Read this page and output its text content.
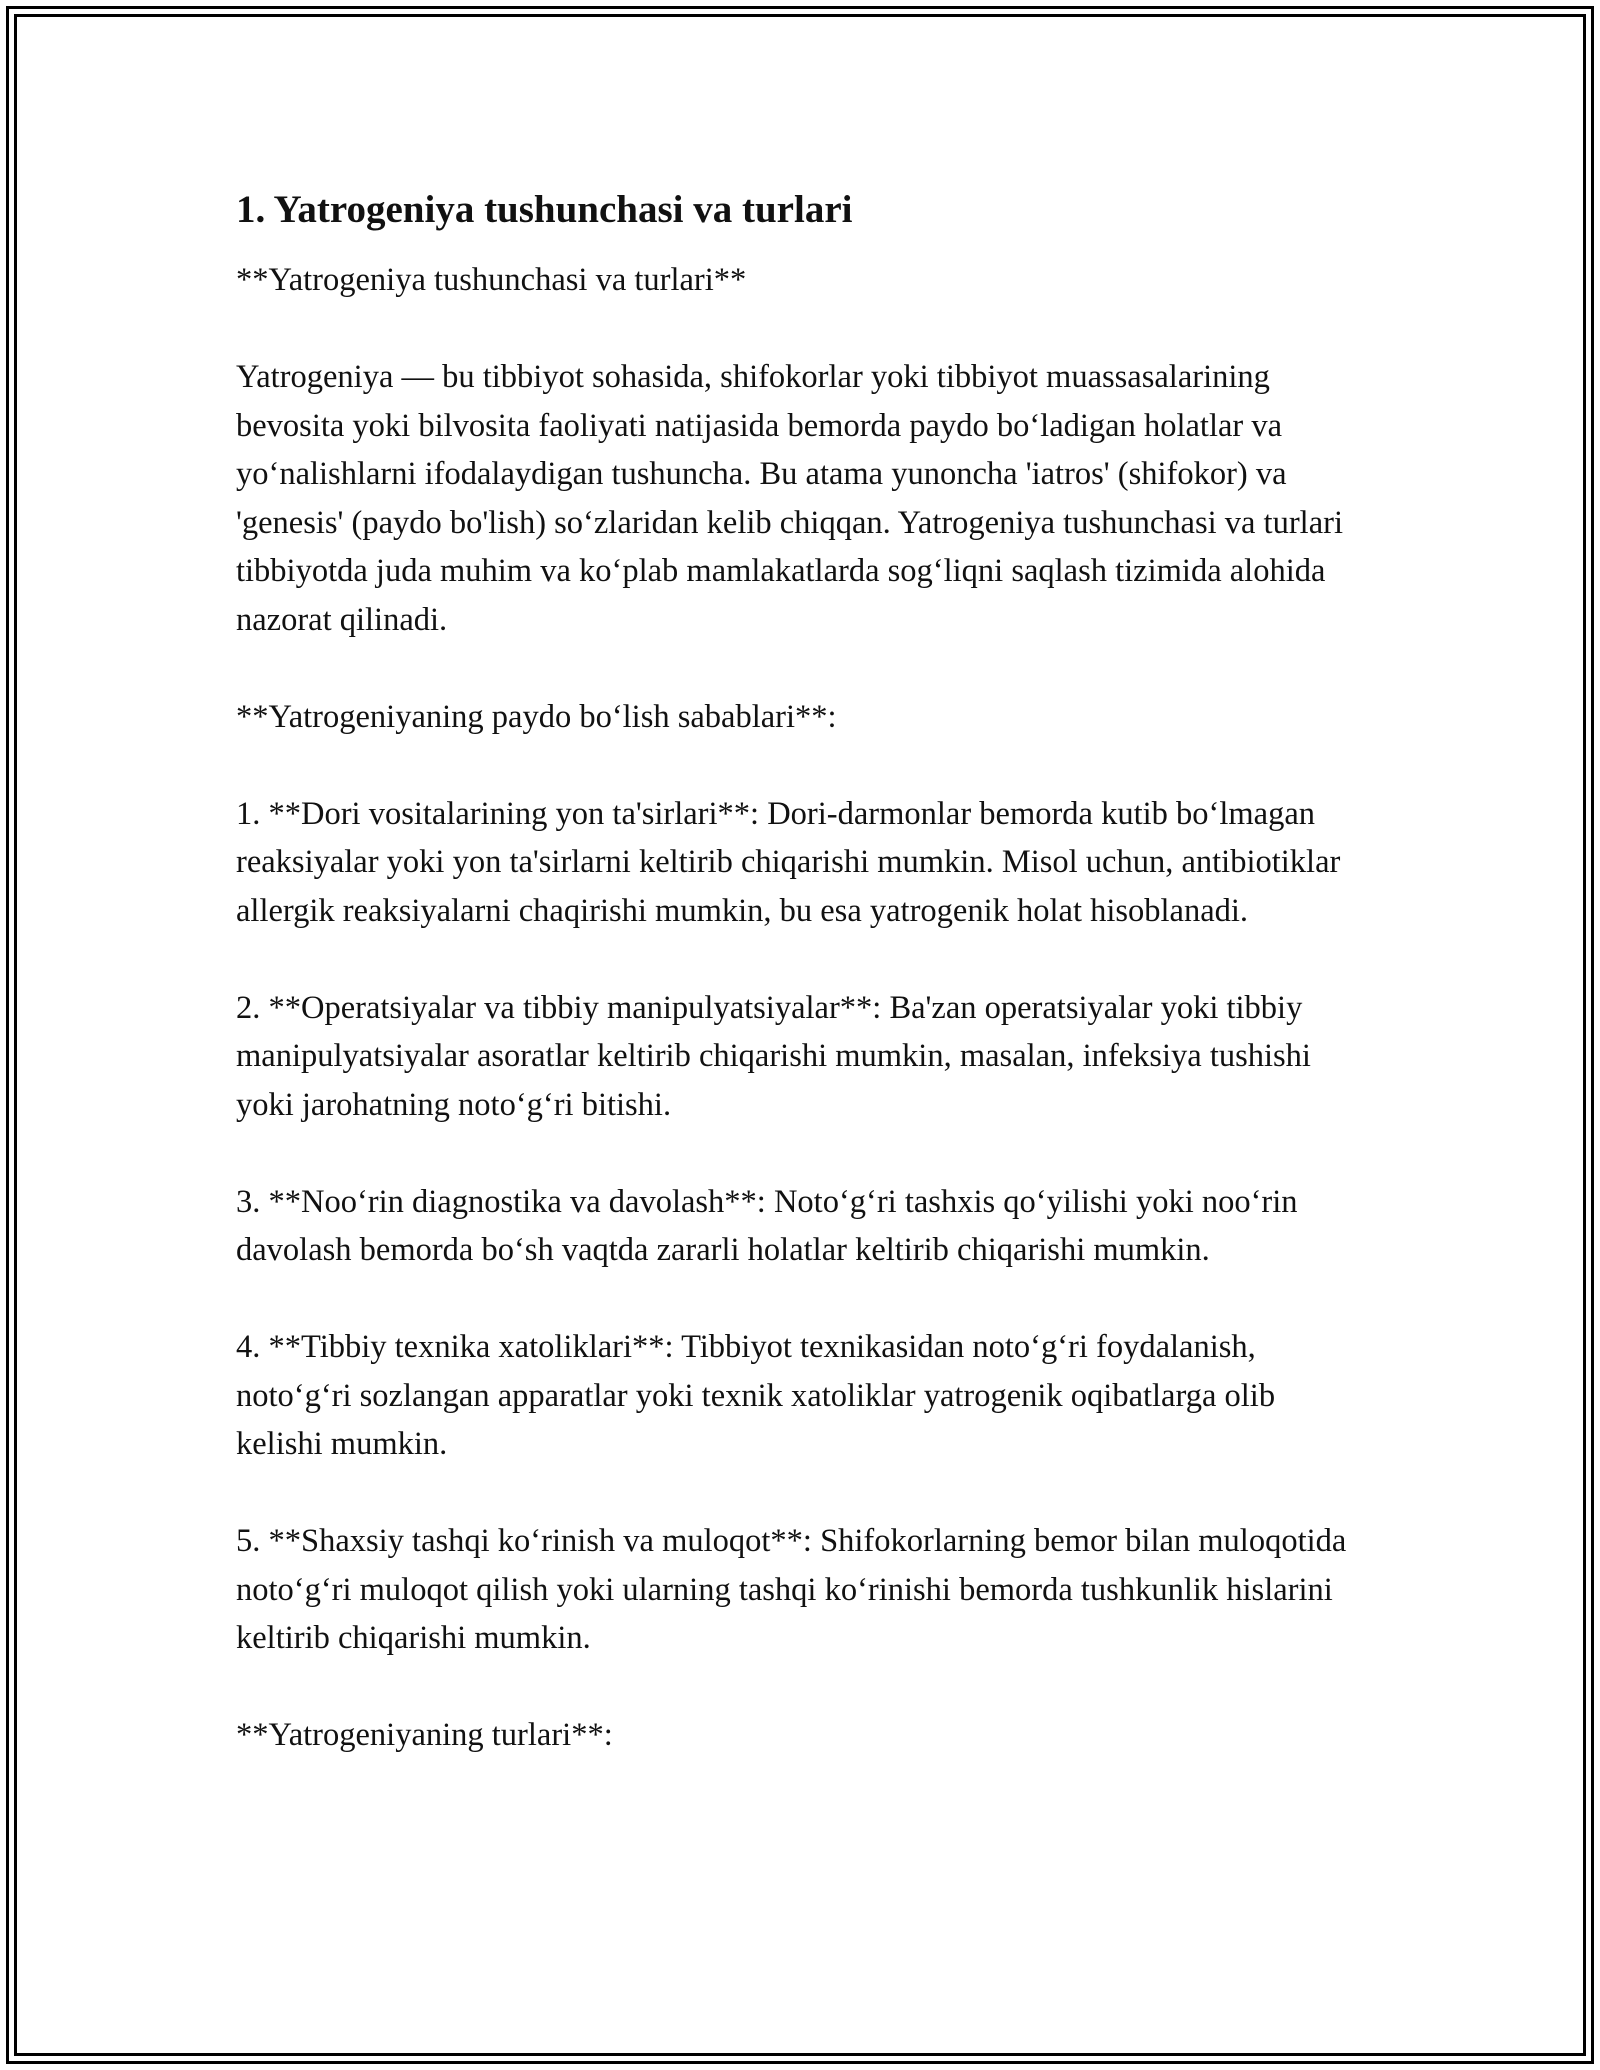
1. Yatrogeniya tushunchasi va turlari

**Yatrogeniya tushunchasi va turlari**

Yatrogeniya — bu tibbiyot sohasida, shifokorlar yoki tibbiyot muassasalarining bevosita yoki bilvosita faoliyati natijasida bemorda paydo boʻladigan holatlar va yoʻnalishlarni ifodalaydigan tushuncha. Bu atama yunoncha 'iatros' (shifokor) va 'genesis' (paydo bo'lish) soʻzlaridan kelib chiqqan. Yatrogeniya tushunchasi va turlari tibbiyotda juda muhim va koʻplab mamlakatlarda sogʻliqni saqlash tizimida alohida nazorat qilinadi.

**Yatrogeniyaning paydo boʻlish sabablari**:

1. **Dori vositalarining yon ta'sirlari**: Dori-darmonlar bemorda kutib boʻlmagan reaksiyalar yoki yon ta'sirlarni keltirib chiqarishi mumkin. Misol uchun, antibiotiklar allergik reaksiyalarni chaqirishi mumkin, bu esa yatrogenik holat hisoblanadi.

2. **Operatsiyalar va tibbiy manipulyatsiyalar**: Ba'zan operatsiyalar yoki tibbiy manipulyatsiyalar asoratlar keltirib chiqarishi mumkin, masalan, infeksiya tushishi yoki jarohatning notoʻgʻri bitishi.

3. **Nooʻrin diagnostika va davolash**: Notoʻgʻri tashxis qoʻyilishi yoki nooʻrin davolash bemorda boʻsh vaqtda zararli holatlar keltirib chiqarishi mumkin.

4. **Tibbiy texnika xatoliklari**: Tibbiyot texnikasidan notoʻgʻri foydalanish, notoʻgʻri sozlangan apparatlar yoki texnik xatoliklar yatrogenik oqibatlarga olib kelishi mumkin.

5. **Shaxsiy tashqi koʻrinish va muloqot**: Shifokorlarning bemor bilan muloqotida notoʻgʻri muloqot qilish yoki ularning tashqi koʻrinishi bemorda tushkunlik hislarini keltirib chiqarishi mumkin.

**Yatrogeniyaning turlari**:
